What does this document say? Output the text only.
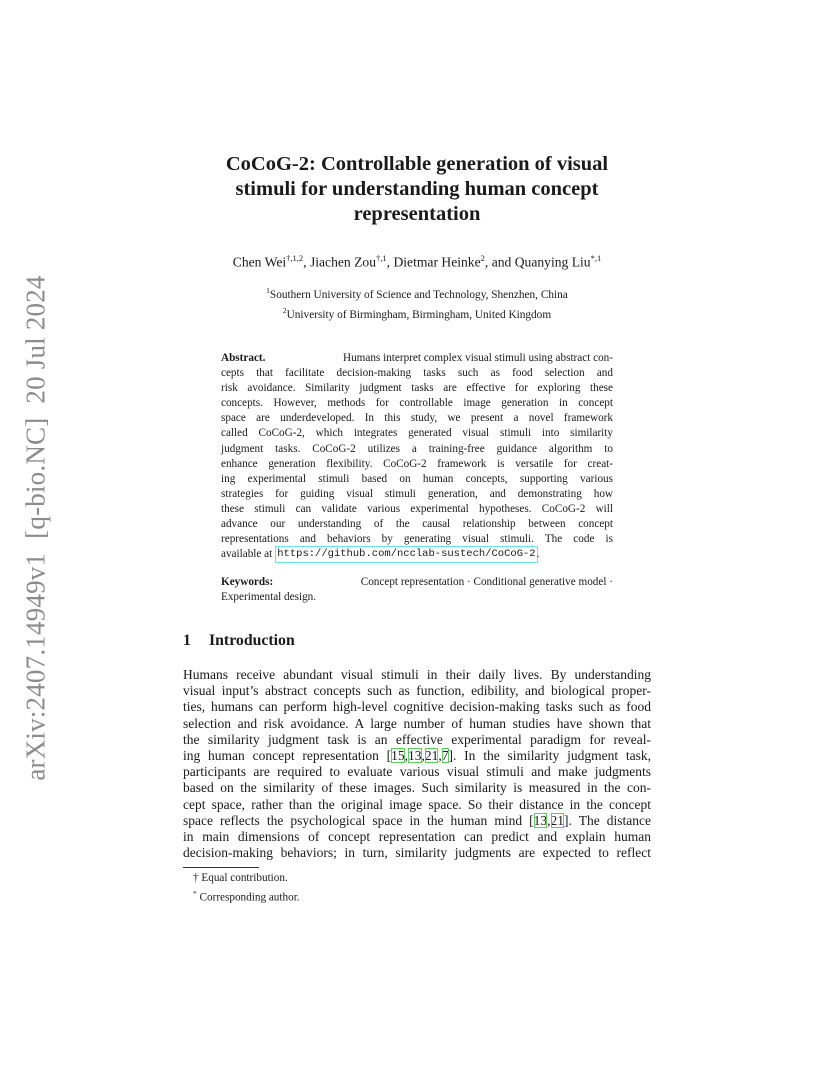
arXiv:2407.14949v1[q-bio.NC]20 Jul 2024
CoCoG-2: Controllable generation of visual
stimuli for understanding human concept
representation
Chen Wei$^{\dagger,1,2}$, Jiachen Zou$^{\dagger,1}$, Dietmar Heinke$^2$, and Quanying Liu$^{*,1}$
$^1$Southern University of Science and Technology, Shenzhen, China
$^2$University of Birmingham, Birmingham, United Kingdom
Abstract.	Humans interpret complex visual stimuli using abstract con-
cepts that facilitate decision-making tasks such as food selection and
risk avoidance. Similarity judgment tasks are effective for exploring these
concepts. However, methods for controllable image generation in concept
space are underdeveloped. In this study, we present a novel framework
called CoCoG-2, which integrates generated visual stimuli into similarity
judgment tasks. CoCoG-2 utilizes a training-free guidance algorithm to
enhance generation flexibility. CoCoG-2 framework is versatile for creat-
ing experimental stimuli based on human concepts, supporting various
strategies for guiding visual stimuli generation, and demonstrating how
these stimuli can validate various experimental hypotheses. CoCoG-2 will
advance our understanding of the causal relationship between concept
representations and behaviors by generating visual stimuli. The code is
available at https://github.com/ncclab-sustech/CoCoG-2 .
Keywords:	Concept representation · Conditional generative model ·
Experimental design.
1 Introduction
Humans receive abundant visual stimuli in their daily lives. By understanding
visual input’s abstract concepts such as function, edibility, and biological proper-
ties, humans can perform high-level cognitive decision-making tasks such as food
selection and risk avoidance. A large number of human studies have shown that
the similarity judgment task is an effective experimental paradigm for reveal-
ing human concept representation [15,13,21,7]. In the similarity judgment task,
participants are required to evaluate various visual stimuli and make judgments
based on the similarity of these images. Such similarity is measured in the con-
cept space, rather than the original image space. So their distance in the concept
space reflects the psychological space in the human mind [13,21]. The distance
in main dimensions of concept representation can predict and explain human
decision-making behaviors; in turn, similarity judgments are expected to reflect
† Equal contribution.
* Corresponding author.
